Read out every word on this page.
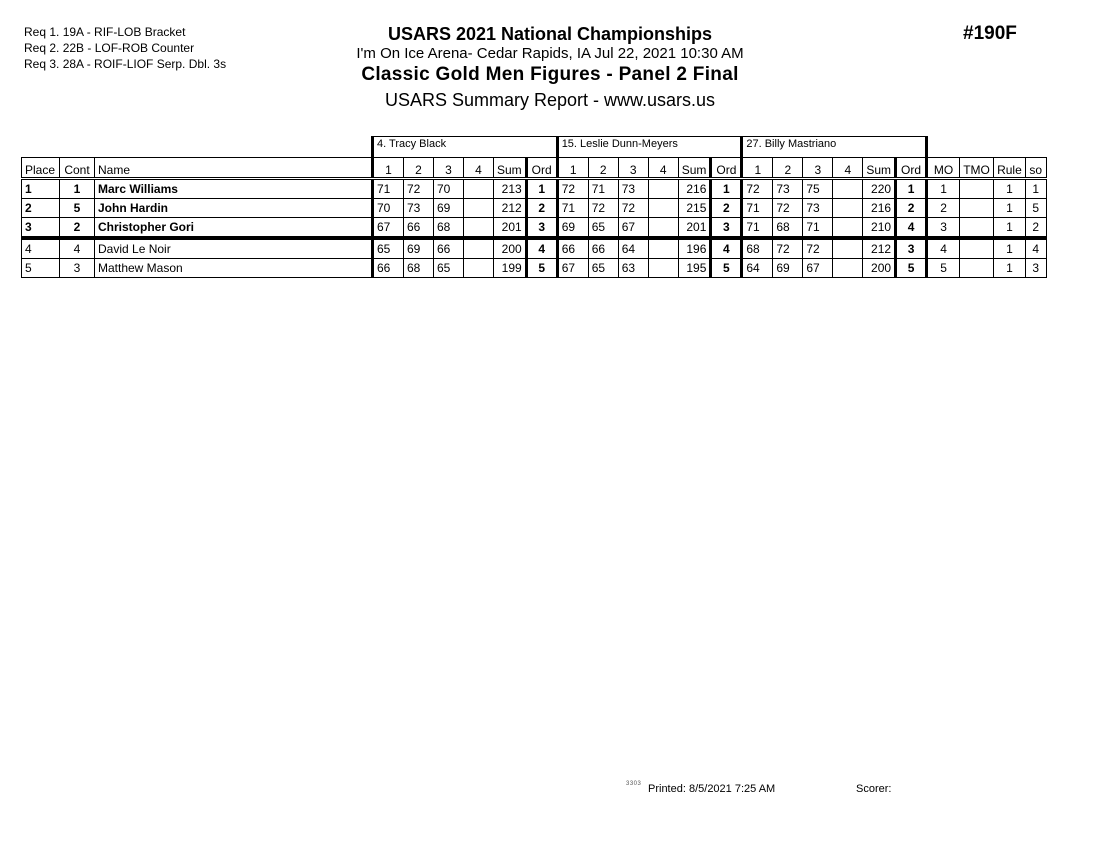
Req 1. 19A - RIF-LOB Bracket
Req 2. 22B - LOF-ROB Counter
Req 3. 28A - ROIF-LIOF Serp. Dbl. 3s
USARS 2021 National Championships
I'm On Ice Arena- Cedar Rapids, IA Jul 22, 2021 10:30 AM
Classic Gold Men Figures - Panel 2 Final
USARS Summary Report - www.usars.us
#190F
			4. Tracy Black						15. Leslie Dunn-Meyers						27. Billy Mastriano									
Place	Cont	Name	1	2	3	4	Sum	Ord	1	2	3	4	Sum	Ord	1	2	3	4	Sum	Ord	MO	TMO	Rule	so
1	1	Marc Williams	71	72	70		213	1	72	71	73		216	1	72	73	75		220	1	1		1	1
2	5	John Hardin	70	73	69		212	2	71	72	72		215	2	71	72	73		216	2	2		1	5
3	2	Christopher Gori	67	66	68		201	3	69	65	67		201	3	71	68	71		210	4	3		1	2
4	4	David Le Noir	65	69	66		200	4	66	66	64		196	4	68	72	72		212	3	4		1	4
5	3	Matthew Mason	66	68	65		199	5	67	65	63		195	5	64	69	67		200	5	5		1	3
3303 Printed: 8/5/2021 7:25 AM	Scorer:
